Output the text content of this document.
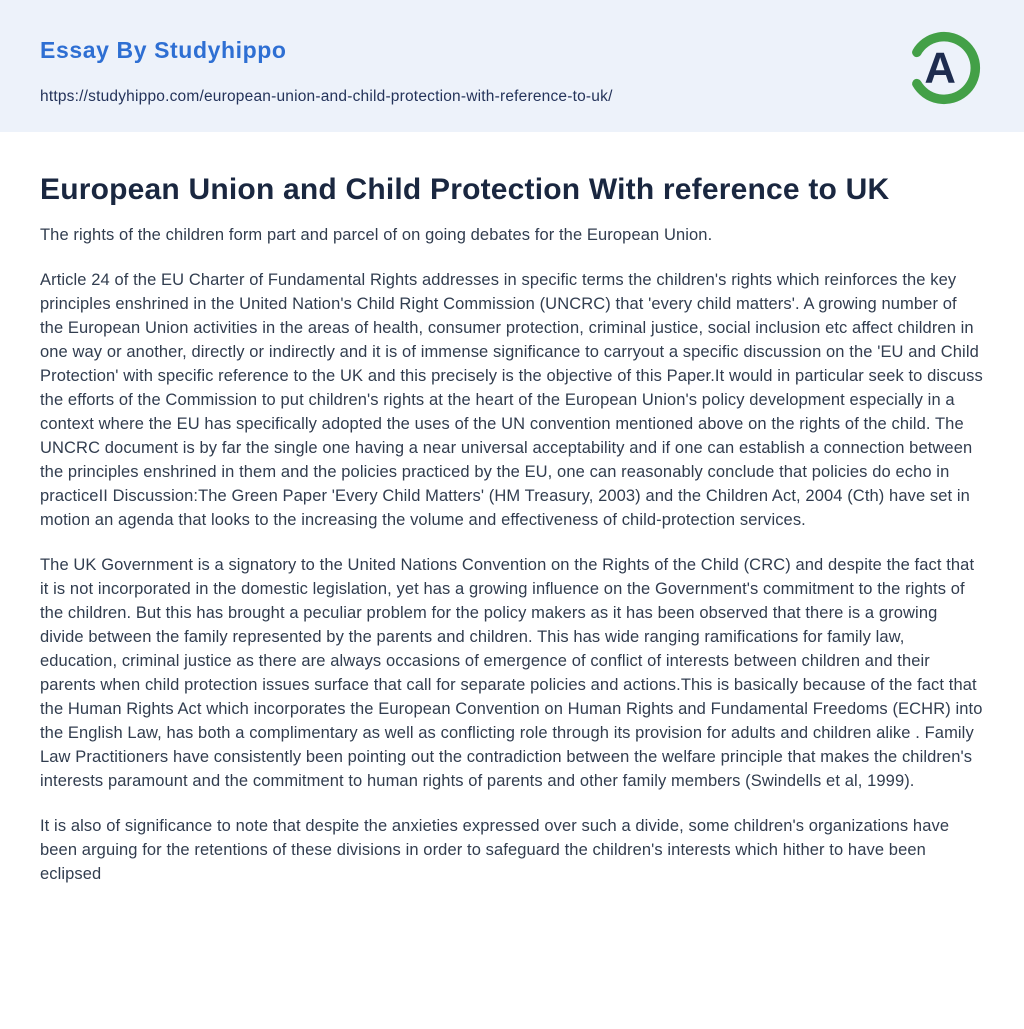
Essay By Studyhippo
https://studyhippo.com/european-union-and-child-protection-with-reference-to-uk/
A
European Union and Child Protection With reference to UK

The rights of the children form part and parcel of on going debates for the European Union.

Article 24 of the EU Charter of Fundamental Rights addresses in specific terms the children's rights which reinforces the key principles enshrined in the United Nation's Child Right Commission (UNCRC) that 'every child matters'. A growing number of the European Union activities in the areas of health, consumer protection, criminal justice, social inclusion etc affect children in one way or another, directly or indirectly and it is of immense significance to carryout a specific discussion on the 'EU and Child Protection' with specific reference to the UK and this precisely is the objective of this Paper.It would in particular seek to discuss the efforts of the Commission to put children's rights at the heart of the European Union's policy development especially in a context where the EU has specifically adopted the uses of the UN convention mentioned above on the rights of the child. The UNCRC document is by far the single one having a near universal acceptability and if one can establish a connection between the principles enshrined in them and the policies practiced by the EU, one can reasonably conclude that policies do echo in practiceII Discussion:The Green Paper 'Every Child Matters' (HM Treasury, 2003) and the Children Act, 2004 (Cth) have set in motion an agenda that looks to the increasing the volume and effectiveness of child-protection services.

The UK Government is a signatory to the United Nations Convention on the Rights of the Child (CRC) and despite the fact that it is not incorporated in the domestic legislation, yet has a growing influence on the Government's commitment to the rights of the children. But this has brought a peculiar problem for the policy makers as it has been observed that there is a growing divide between the family represented by the parents and children. This has wide ranging ramifications for family law, education, criminal justice as there are always occasions of emergence of conflict of interests between children and their parents when child protection issues surface that call for separate policies and actions.This is basically because of the fact that the Human Rights Act which incorporates the European Convention on Human Rights and Fundamental Freedoms (ECHR) into the English Law, has both a complimentary as well as conflicting role through its provision for adults and children alike . Family Law Practitioners have consistently been pointing out the contradiction between the welfare principle that makes the children's interests paramount and the commitment to human rights of parents and other family members (Swindells et al, 1999).

It is also of significance to note that despite the anxieties expressed over such a divide, some children's organizations have been arguing for the retentions of these divisions in order to safeguard the children's interests which hither to have been eclipsed
